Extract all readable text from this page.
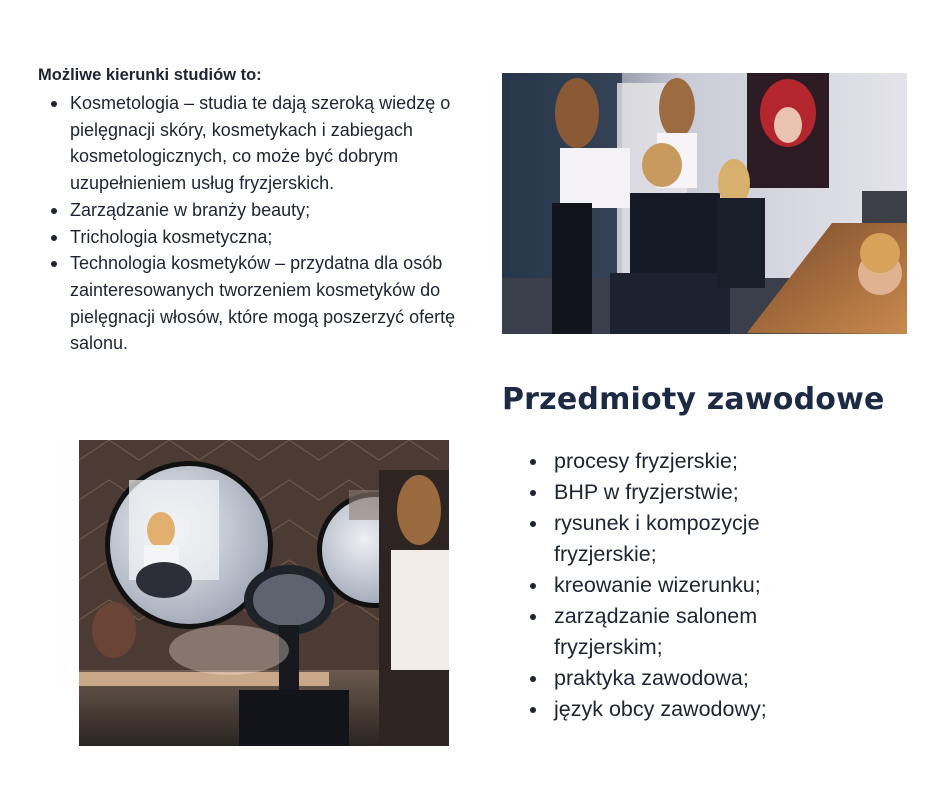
Możliwe kierunki studiów to:

Kosmetologia – studia te dają szeroką wiedzę o pielęgnacji skóry, kosmetykach i zabiegach kosmetologicznych, co może być dobrym uzupełnieniem usług fryzjerskich.
Zarządzanie w branży beauty;
Trichologia kosmetyczna;
Technologia kosmetyków – przydatna dla osób zainteresowanych tworzeniem kosmetyków do pielęgnacji włosów, które mogą poszerzyć ofertę salonu.
Przedmioty zawodowe
procesy fryzjerskie;
BHP w fryzjerstwie;
rysunek i kompozycje fryzjerskie;
kreowanie wizerunku;
zarządzanie salonem fryzjerskim;
praktyka zawodowa;
język obcy zawodowy;
